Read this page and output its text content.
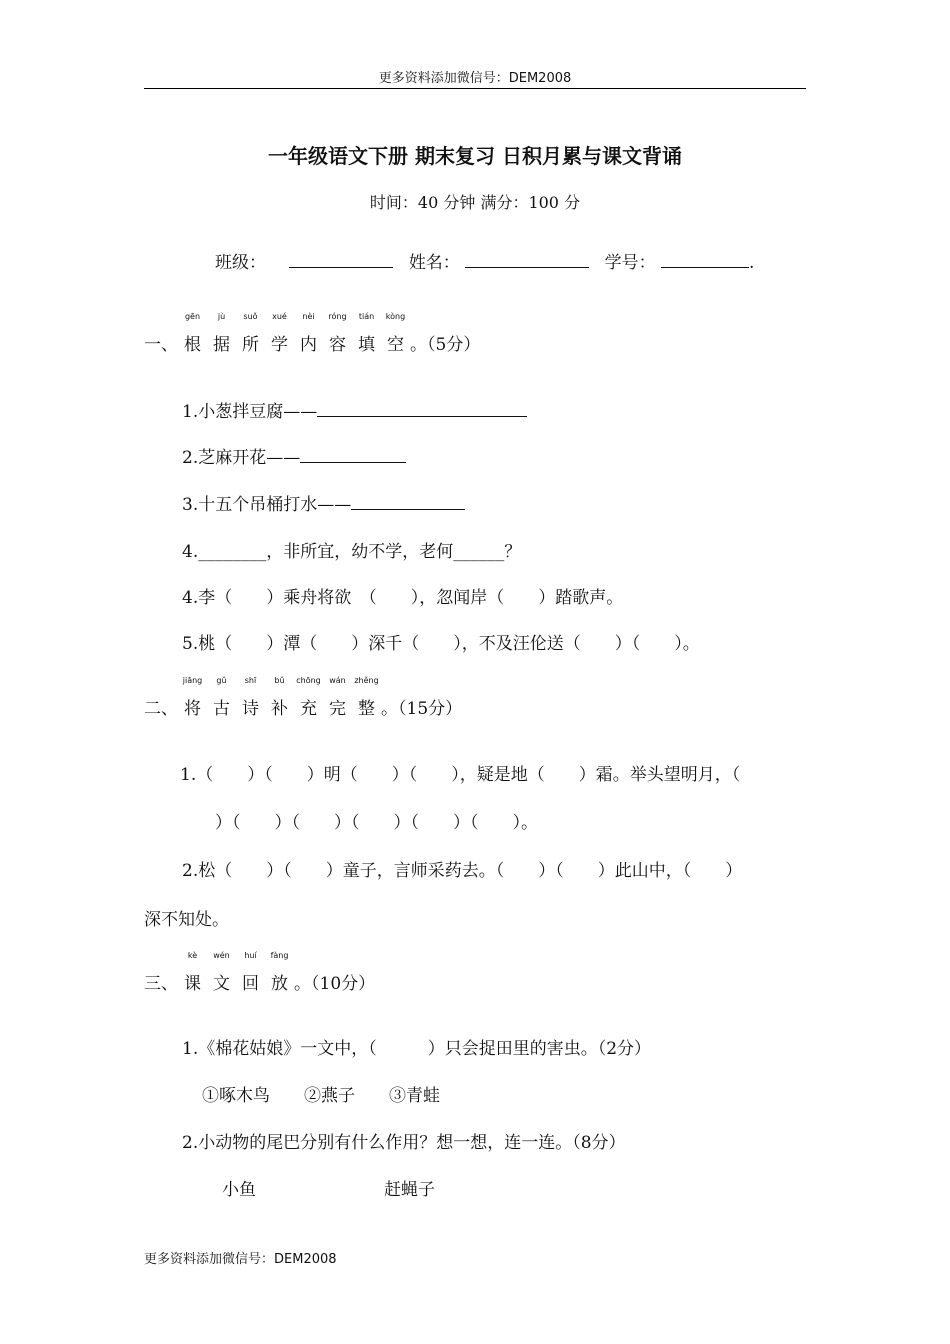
更多资料添加微信号：DEM2008
一年级语文下册 期末复习 日积月累与课文背诵
时间：40 分钟 满分：100 分
班级：	姓名：	学号：	.
一、
gēn
根
jù
据
suǒ
所
xué
学
nèi
内
róng
容
tián
填
kòng
空 。（5分）
1.小葱拌豆腐——
2.芝麻开花——
3.十五个吊桶打水——
4.________，非所宜，幼不学，老何______？
4.李（　　）乘舟将欲　（　　），忽闻岸（　　）踏歌声。
5.桃（　　）潭（　　）深千（　　），不及汪伦送（　　）（　　）。
二、
jiāng
将
gǔ
古
shī
诗
bǔ
补
chōng
充
wán
完
zhěng
整 。（15分）
1.（　　）（　　）明（　　）（　　），疑是地（　　）霜。举头望明月，（
　）（　　）（　　）（　　）（　　）（　　）。
2.松（　　）（　　）童子，言师采药去。（　　）（　　）此山中，（　　）
深不知处。
三、
kè
课
wén
文
huí
回
fàng
放 。（10分）
1.《棉花姑娘》一文中，（　　　）只会捉田里的害虫。（2分）
①啄木鸟　　②燕子　　③青蛙
2.小动物的尾巴分别有什么作用？想一想，连一连。（8分）
小鱼	赶蝇子
更多资料添加微信号：DEM2008
